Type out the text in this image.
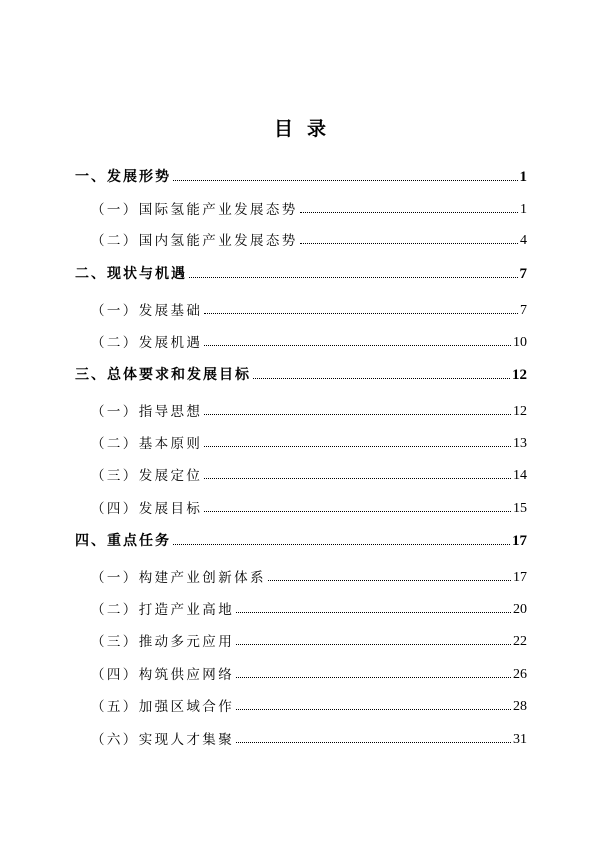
目录
一、发展形势	1
（一）国际氢能产业发展态势	1
（二）国内氢能产业发展态势	4
二、现状与机遇	7
（一）发展基础	7
（二）发展机遇	10
三、总体要求和发展目标	12
（一）指导思想	12
（二）基本原则	13
（三）发展定位	14
（四）发展目标	15
四、重点任务	17
（一）构建产业创新体系	17
（二）打造产业高地	20
（三）推动多元应用	22
（四）构筑供应网络	26
（五）加强区域合作	28
（六）实现人才集聚	31
